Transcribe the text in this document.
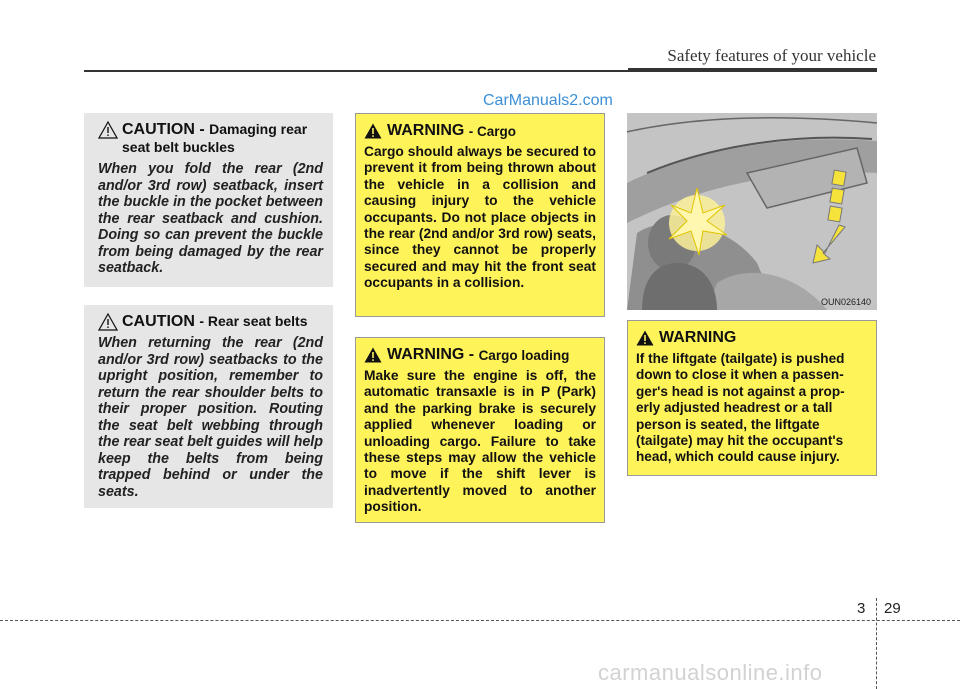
Safety features of your vehicle
CarManuals2.com
CAUTION - Damaging rear seat belt buckles
When you fold the rear (2nd and/or 3rd row) seatback, insert the buckle in the pocket between the rear seatback and cushion. Doing so can prevent the buckle from being damaged by the rear seatback.
CAUTION - Rear seat belts
When returning the rear (2nd and/or 3rd row) seatbacks to the upright position, remember to return the rear shoulder belts to their proper position. Routing the seat belt webbing through the rear seat belt guides will help keep the belts from being trapped behind or under the seats.
WARNING
- Cargo
Cargo should always be secured to prevent it from being thrown about the vehicle in a collision and causing injury to the vehicle occupants. Do not place objects in the rear (2nd and/or 3rd row) seats, since they cannot be properly secured and may hit the front seat occupants in a collision.
WARNING -
Cargo loading
Make sure the engine is off, the automatic transaxle is in P (Park) and the parking brake is securely applied whenever loading or unloading cargo. Failure to take these steps may allow the vehicle to move if the shift lever is inadvertently moved to another position.
OUN026140
WARNING
If the liftgate (tailgate) is pushed down to close it when a passen-ger's head is not against a prop-erly adjusted headrest or a tall person is seated, the liftgate (tailgate) may hit the occupant's head, which could cause injury.
3 29
carmanualsonline.info
